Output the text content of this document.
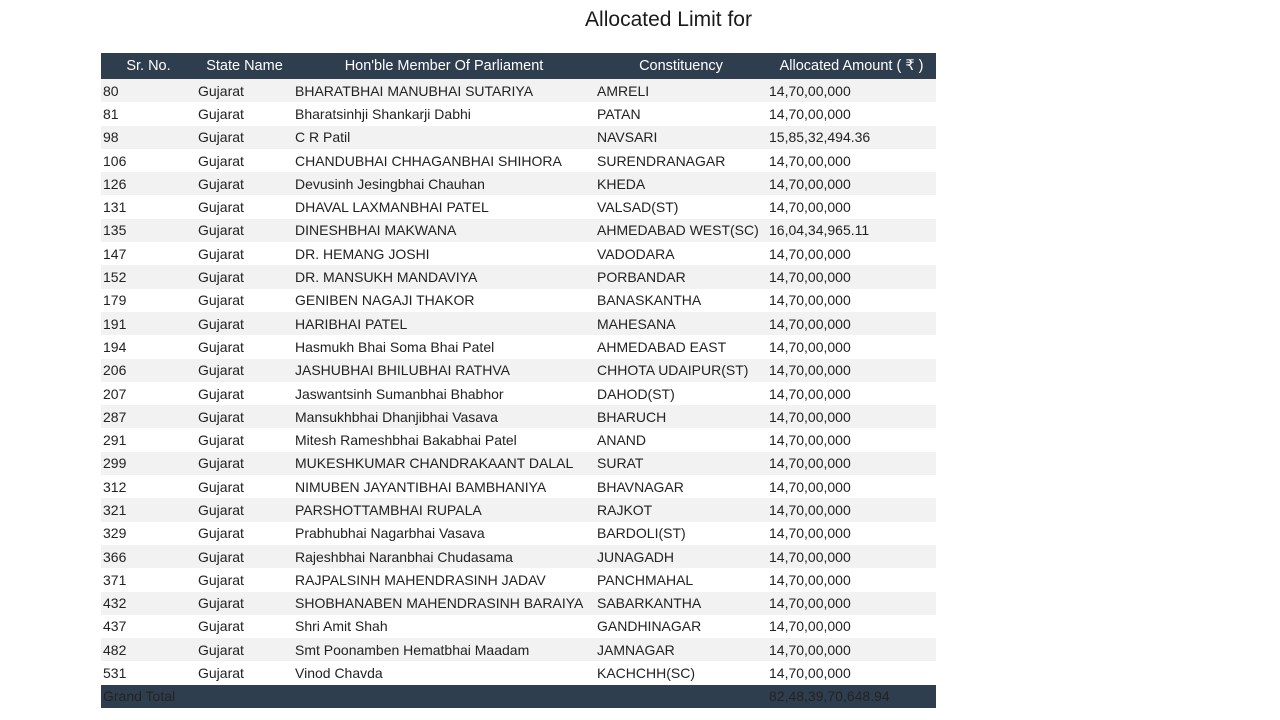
Allocated Limit for
Sr. No.	State Name	Hon'ble Member Of Parliament	Constituency	Allocated Amount ( ₹ )
80	Gujarat	BHARATBHAI MANUBHAI SUTARIYA	AMRELI	14,70,00,000
81	Gujarat	Bharatsinhji Shankarji Dabhi	PATAN	14,70,00,000
98	Gujarat	C R Patil	NAVSARI	15,85,32,494.36
106	Gujarat	CHANDUBHAI CHHAGANBHAI SHIHORA	SURENDRANAGAR	14,70,00,000
126	Gujarat	Devusinh Jesingbhai Chauhan	KHEDA	14,70,00,000
131	Gujarat	DHAVAL LAXMANBHAI PATEL	VALSAD(ST)	14,70,00,000
135	Gujarat	DINESHBHAI MAKWANA	AHMEDABAD WEST(SC)	16,04,34,965.11
147	Gujarat	DR. HEMANG JOSHI	VADODARA	14,70,00,000
152	Gujarat	DR. MANSUKH MANDAVIYA	PORBANDAR	14,70,00,000
179	Gujarat	GENIBEN NAGAJI THAKOR	BANASKANTHA	14,70,00,000
191	Gujarat	HARIBHAI PATEL	MAHESANA	14,70,00,000
194	Gujarat	Hasmukh Bhai Soma Bhai Patel	AHMEDABAD EAST	14,70,00,000
206	Gujarat	JASHUBHAI BHILUBHAI RATHVA	CHHOTA UDAIPUR(ST)	14,70,00,000
207	Gujarat	Jaswantsinh Sumanbhai Bhabhor	DAHOD(ST)	14,70,00,000
287	Gujarat	Mansukhbhai Dhanjibhai Vasava	BHARUCH	14,70,00,000
291	Gujarat	Mitesh Rameshbhai Bakabhai Patel	ANAND	14,70,00,000
299	Gujarat	MUKESHKUMAR CHANDRAKAANT DALAL	SURAT	14,70,00,000
312	Gujarat	NIMUBEN JAYANTIBHAI BAMBHANIYA	BHAVNAGAR	14,70,00,000
321	Gujarat	PARSHOTTAMBHAI RUPALA	RAJKOT	14,70,00,000
329	Gujarat	Prabhubhai Nagarbhai Vasava	BARDOLI(ST)	14,70,00,000
366	Gujarat	Rajeshbhai Naranbhai Chudasama	JUNAGADH	14,70,00,000
371	Gujarat	RAJPALSINH MAHENDRASINH JADAV	PANCHMAHAL	14,70,00,000
432	Gujarat	SHOBHANABEN MAHENDRASINH BARAIYA	SABARKANTHA	14,70,00,000
437	Gujarat	Shri Amit Shah	GANDHINAGAR	14,70,00,000
482	Gujarat	Smt Poonamben Hematbhai Maadam	JAMNAGAR	14,70,00,000
531	Gujarat	Vinod Chavda	KACHCHH(SC)	14,70,00,000
Grand Total				82,48,39,70,648.94
